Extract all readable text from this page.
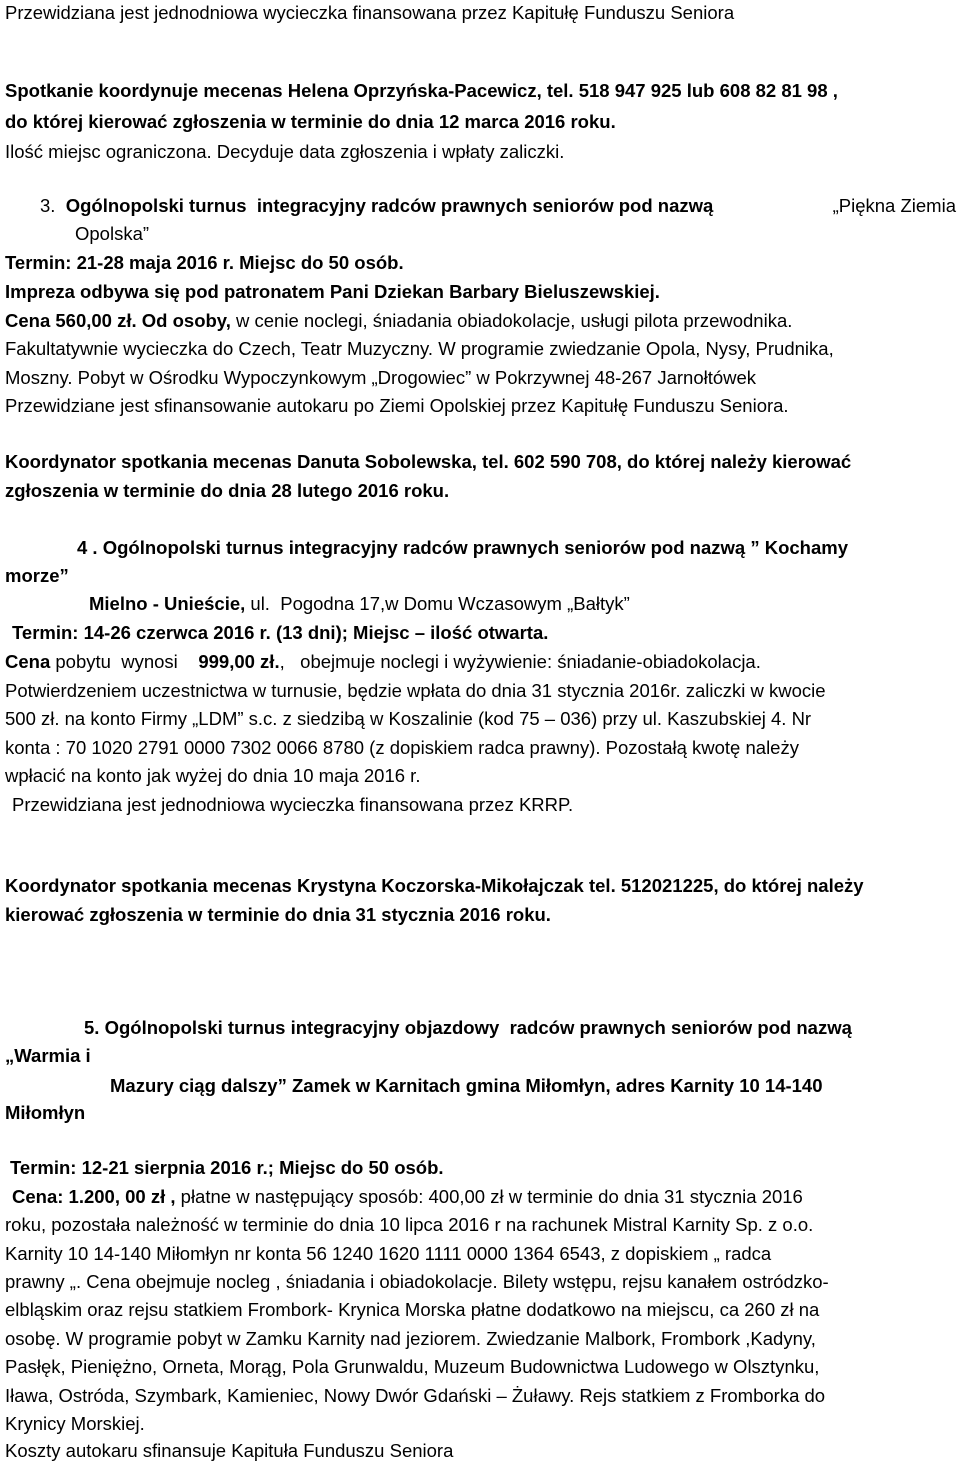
Przewidziana jest jednodniowa wycieczka finansowana przez Kapitułę Funduszu Seniora
Spotkanie koordynuje mecenas Helena Oprzyńska-Pacewicz, tel. 518 947 925 lub 608 82 81 98 ,
do której kierować zgłoszenia w terminie do dnia 12 marca 2016 roku.
Ilość miejsc ograniczona. Decyduje data zgłoszenia i wpłaty zaliczki.
3. Ogólnopolski turnus  integracyjny radców prawnych seniorów pod nazwą	„Piękna Ziemia
Opolska”
Termin: 21-28 maja 2016 r. Miejsc do 50 osób.
Impreza odbywa się pod patronatem Pani Dziekan Barbary Bieluszewskiej.
Cena 560,00 zł. Od osoby, w cenie noclegi, śniadania obiadokolacje, usługi pilota przewodnika.
Fakultatywnie wycieczka do Czech, Teatr Muzyczny. W programie zwiedzanie Opola, Nysy, Prudnika,
Moszny. Pobyt w Ośrodku Wypoczynkowym „Drogowiec” w Pokrzywnej 48-267 Jarnołtówek
Przewidziane jest sfinansowanie autokaru po Ziemi Opolskiej przez Kapitułę Funduszu Seniora.
Koordynator spotkania mecenas Danuta Sobolewska, tel. 602 590 708, do której należy kierować
zgłoszenia w terminie do dnia 28 lutego 2016 roku.
4 . Ogólnopolski turnus integracyjny radców prawnych seniorów pod nazwą ” Kochamy
morze”
Mielno - Unieście, ul.  Pogodna 17,w Domu Wczasowym „Bałtyk”
Termin: 14-26 czerwca 2016 r. (13 dni); Miejsc – ilość otwarta.
Cena pobytu  wynosi    999,00 zł.,   obejmuje noclegi i wyżywienie: śniadanie-obiadokolacja.
Potwierdzeniem uczestnictwa w turnusie, będzie wpłata do dnia 31 stycznia 2016r. zaliczki w kwocie
500 zł. na konto Firmy „LDM” s.c. z siedzibą w Koszalinie (kod 75 – 036) przy ul. Kaszubskiej 4. Nr
konta : 70 1020 2791 0000 7302 0066 8780 (z dopiskiem radca prawny). Pozostałą kwotę należy
wpłacić na konto jak wyżej do dnia 10 maja 2016 r.
Przewidziana jest jednodniowa wycieczka finansowana przez KRRP.
Koordynator spotkania mecenas Krystyna Koczorska-Mikołajczak tel. 512021225, do której należy
kierować zgłoszenia w terminie do dnia 31 stycznia 2016 roku.
5. Ogólnopolski turnus integracyjny objazdowy  radców prawnych seniorów pod nazwą
„Warmia i
Mazury ciąg dalszy” Zamek w Karnitach gmina Miłomłyn, adres Karnity 10 14-140
Miłomłyn
Termin: 12-21 sierpnia 2016 r.; Miejsc do 50 osób.
Cena: 1.200, 00 zł , płatne w następujący sposób: 400,00 zł w terminie do dnia 31 stycznia 2016
roku, pozostała należność w terminie do dnia 10 lipca 2016 r na rachunek Mistral Karnity Sp. z o.o.
Karnity 10 14-140 Miłomłyn nr konta 56 1240 1620 1111 0000 1364 6543, z dopiskiem „ radca
prawny „. Cena obejmuje nocleg , śniadania i obiadokolacje. Bilety wstępu, rejsu kanałem ostródzko-
elbląskim oraz rejsu statkiem Frombork- Krynica Morska płatne dodatkowo na miejscu, ca 260 zł na
osobę. W programie pobyt w Zamku Karnity nad jeziorem. Zwiedzanie Malbork, Frombork ,Kadyny,
Pasłęk, Pieniężno, Orneta, Morąg, Pola Grunwaldu, Muzeum Budownictwa Ludowego w Olsztynku,
Iława, Ostróda, Szymbark, Kamieniec, Nowy Dwór Gdański – Żuławy. Rejs statkiem z Fromborka do
Krynicy Morskiej.
Koszty autokaru sfinansuje Kapituła Funduszu Seniora
